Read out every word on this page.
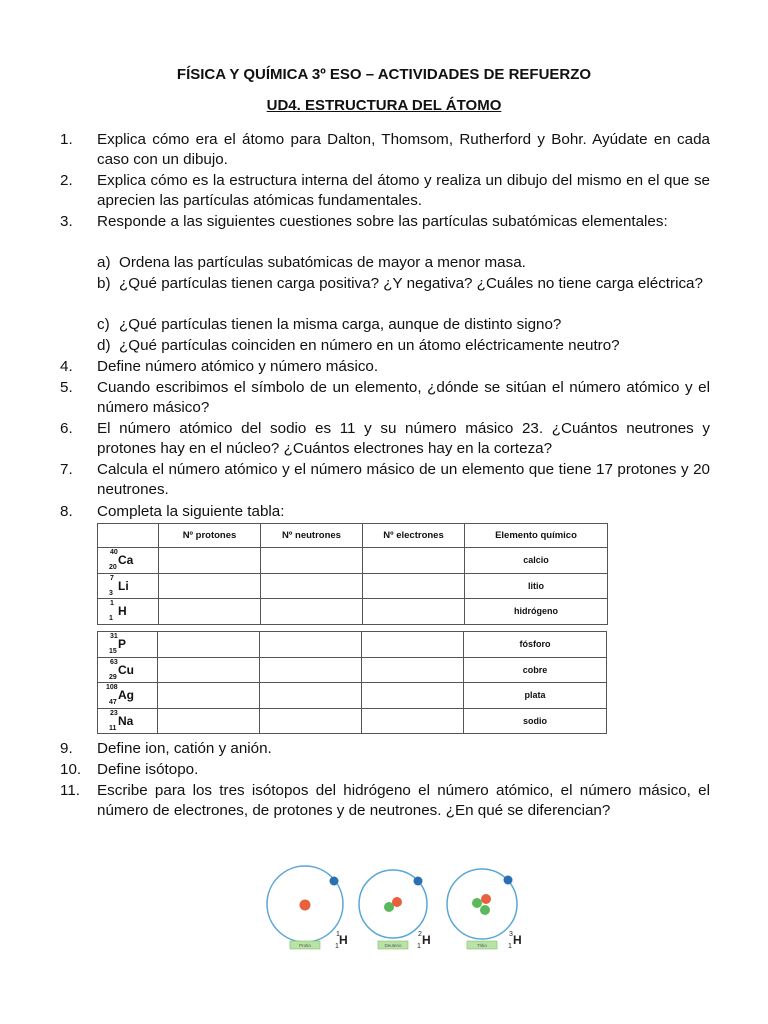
FÍSICA Y QUÍMICA 3º ESO – ACTIVIDADES DE REFUERZO
UD4. ESTRUCTURA DEL ÁTOMO
1.	Explica cómo era el átomo para Dalton, Thomsom, Rutherford y Bohr. Ayúdate en cada caso con un dibujo.
2.	Explica cómo es la estructura interna del átomo y realiza un dibujo del mismo en el que se aprecien las partículas atómicas fundamentales.
3.	Responde a las siguientes cuestiones sobre las partículas subatómicas elementales:
a) Ordena las partículas subatómicas de mayor a menor masa.
b) ¿Qué partículas tienen carga positiva? ¿Y negativa? ¿Cuáles no tiene carga eléctrica?
c) ¿Qué partículas tienen la misma carga, aunque de distinto signo?
d) ¿Qué partículas coinciden en número en un átomo eléctricamente neutro?
4.	Define número atómico y número másico.
5.	Cuando escribimos el símbolo de un elemento, ¿dónde se sitúan el número atómico y el número másico?
6.	El número atómico del sodio es 11 y su número másico 23. ¿Cuántos neutrones y protones hay en el núcleo? ¿Cuántos electrones hay en la corteza?
7.	Calcula el número atómico y el número másico de un elemento que tiene 17 protones y 20 neutrones.
8.	Completa la siguiente tabla:
	Nº protones	Nº neutrones	Nº electrones	Elemento químico

40
20
Ca				calcio

7
3
Li				litio

1
1
H				hidrógeno
31
15
P				fósforo

63
29
Cu				cobre

108
47
Ag				plata

23
11
Na				sodio
9.	Define ion, catión y anión.
10.	Define isótopo.
11.	Escribe para los tres isótopos del hidrógeno el número atómico, el número másico, el número de electrones, de protones y de neutrones. ¿En qué se diferencian?
Protio
1
1 H	Deuterio
2
1 H	Tritio
3
1 H
